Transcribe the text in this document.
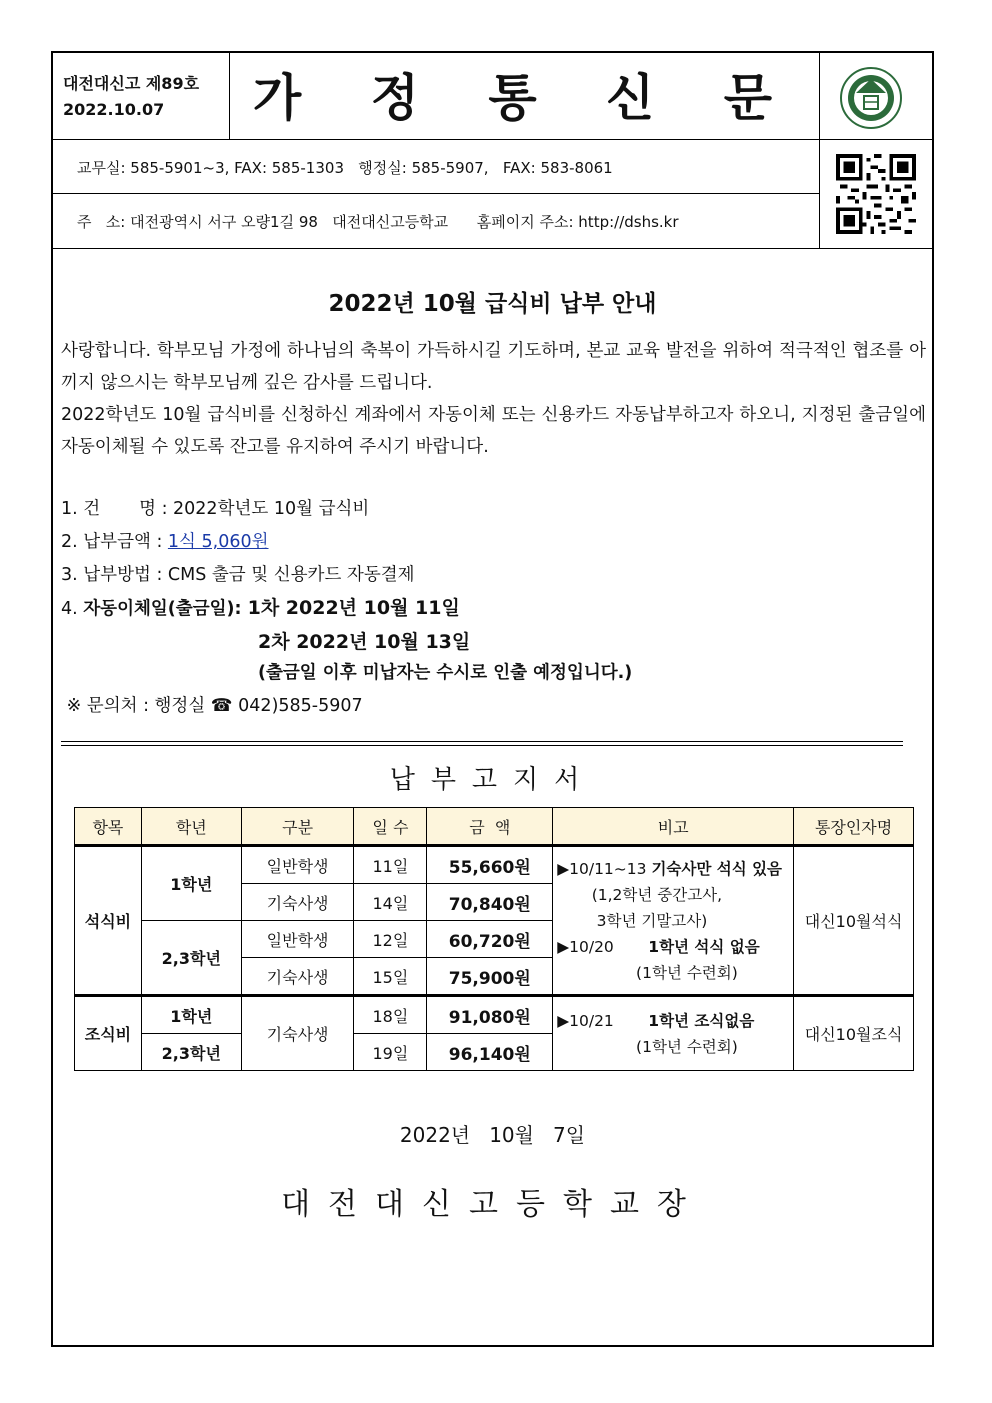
대전대신고 제89호
2022.10.07	가 정 통 신 문
교무실: 585-5901~3, FAX: 585-1303   행정실: 585-5907,   FAX: 583-8061
주   소: 대전광역시 서구 오량1길 98   대전대신고등학교      홈페이지 주소: http://dshs.kr
2022년 10월 급식비 납부 안내
사랑합니다. 학부모님 가정에 하나님의 축복이 가득하시길 기도하며, 본교 교육 발전을 위하여 적극적인 협조를 아끼지 않으시는 학부모님께 깊은 감사를 드립니다.
2022학년도 10월 급식비를 신청하신 계좌에서 자동이체 또는 신용카드 자동납부하고자 하오니, 지정된 출금일에 자동이체될 수 있도록 잔고를 유지하여 주시기 바랍니다.
1. 건       명 : 2022학년도 10월 급식비
2. 납부금액 : 1식 5,060원
3. 납부방법 : CMS 출금 및 신용카드 자동결제
4. 자동이체일(출금일): 1차 2022년 10월 11일
2차 2022년 10월 13일
(출금일 이후 미납자는 수시로 인출 예정입니다.)
※ 문의처 : 행정실 ☎ 042)585-5907
납부고지서
항목	학년	구분	일 수	금  액	비고	통장인자명
석식비	1학년	일반학생	11일	55,660원	▶10/11~13 기숙사만 석식 있음
(1,2학년 중간고사,
3학년 기말고사)
▶10/20       1학년 석식 없음
(1학년 수련회)	대신10월석식
		기숙사생	14일	70,840원		
	2,3학년	일반학생	12일	60,720원		
		기숙사생	15일	75,900원		
조식비	1학년	기숙사생	18일	91,080원	▶10/21       1학년 조식없음
(1학년 수련회)	대신10월조식
	2,3학년		19일	96,140원		
2022년   10월   7일
대전대신고등학교장
